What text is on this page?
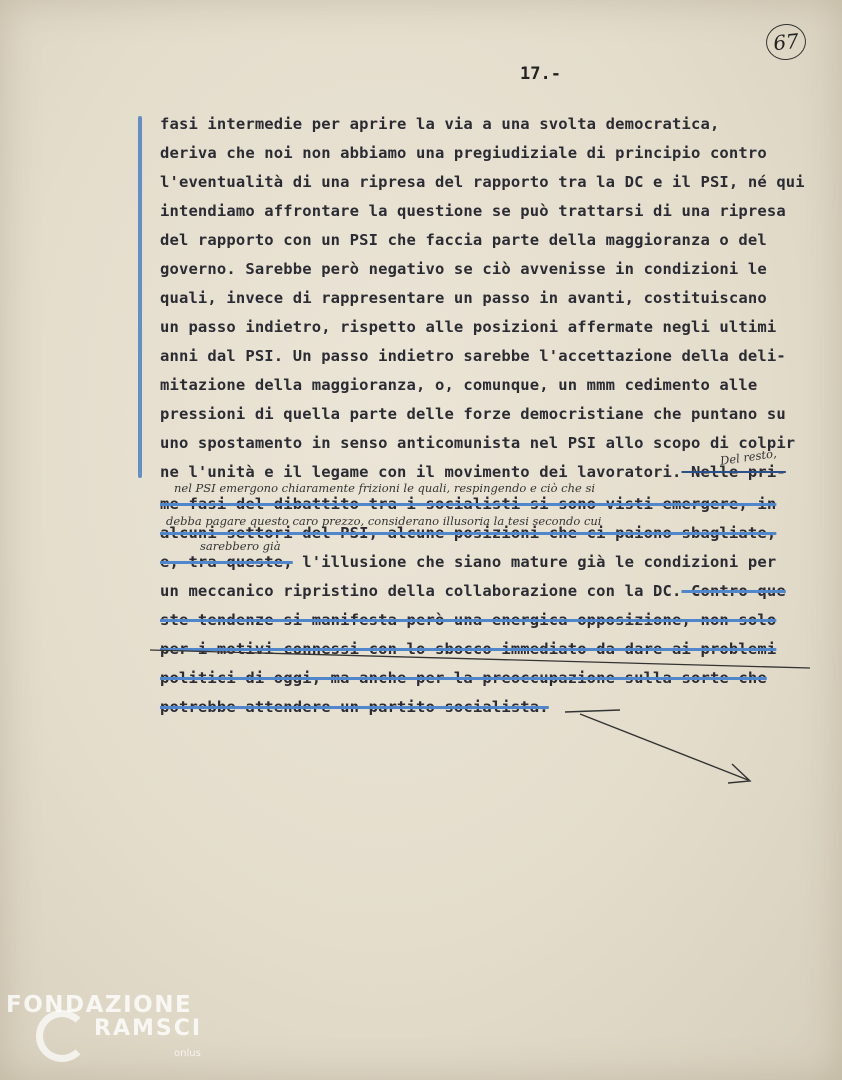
67
17.-
fasi intermedie per aprire la via a una svolta democratica,
deriva che noi non abbiamo una pregiudiziale di principio contro
l'eventualità di una ripresa del rapporto tra la DC e il PSI, né qui
intendiamo affrontare la questione se può trattarsi di una ripresa
del rapporto con un PSI che faccia parte della maggioranza o del
governo. Sarebbe però negativo se ciò avvenisse in condizioni le
quali, invece di rappresentare un passo in avanti, costituiscano
un passo indietro, rispetto alle posizioni affermate negli ultimi
anni dal PSI. Un passo indietro sarebbe l'accettazione della deli-
mitazione della maggioranza, o, comunque, un mmm cedimento alle
pressioni di quella parte delle forze democristiane che puntano su
uno spostamento in senso anticomunista nel PSI allo scopo di colpir
ne l'unità e il legame con il movimento dei lavoratori. Nelle pri-
Del resto,
nel PSI emergono chiaramente frizioni le quali, respingendo e ciò che si
me fasi del dibattito tra i socialisti si sono visti emergere, in
debba pagare questo caro prezzo, considerano illusoria la tesi secondo cui
alcuni settori del PSI, alcune posizioni che ci paiono sbagliate,
sarebbero già
e, tra queste, l'illusione che siano mature già le condizioni per
un meccanico ripristino della collaborazione con la DC. Contro que
ste tendenze si manifesta però una energica opposizione, non solo
per i motivi connessi con lo sbocco immediato da dare ai problemi
politici di oggi, ma anche per la preoccupazione sulla sorte che
potrebbe attendere un partito socialista.
FONDAZIONE
RAMSCI
onlus
